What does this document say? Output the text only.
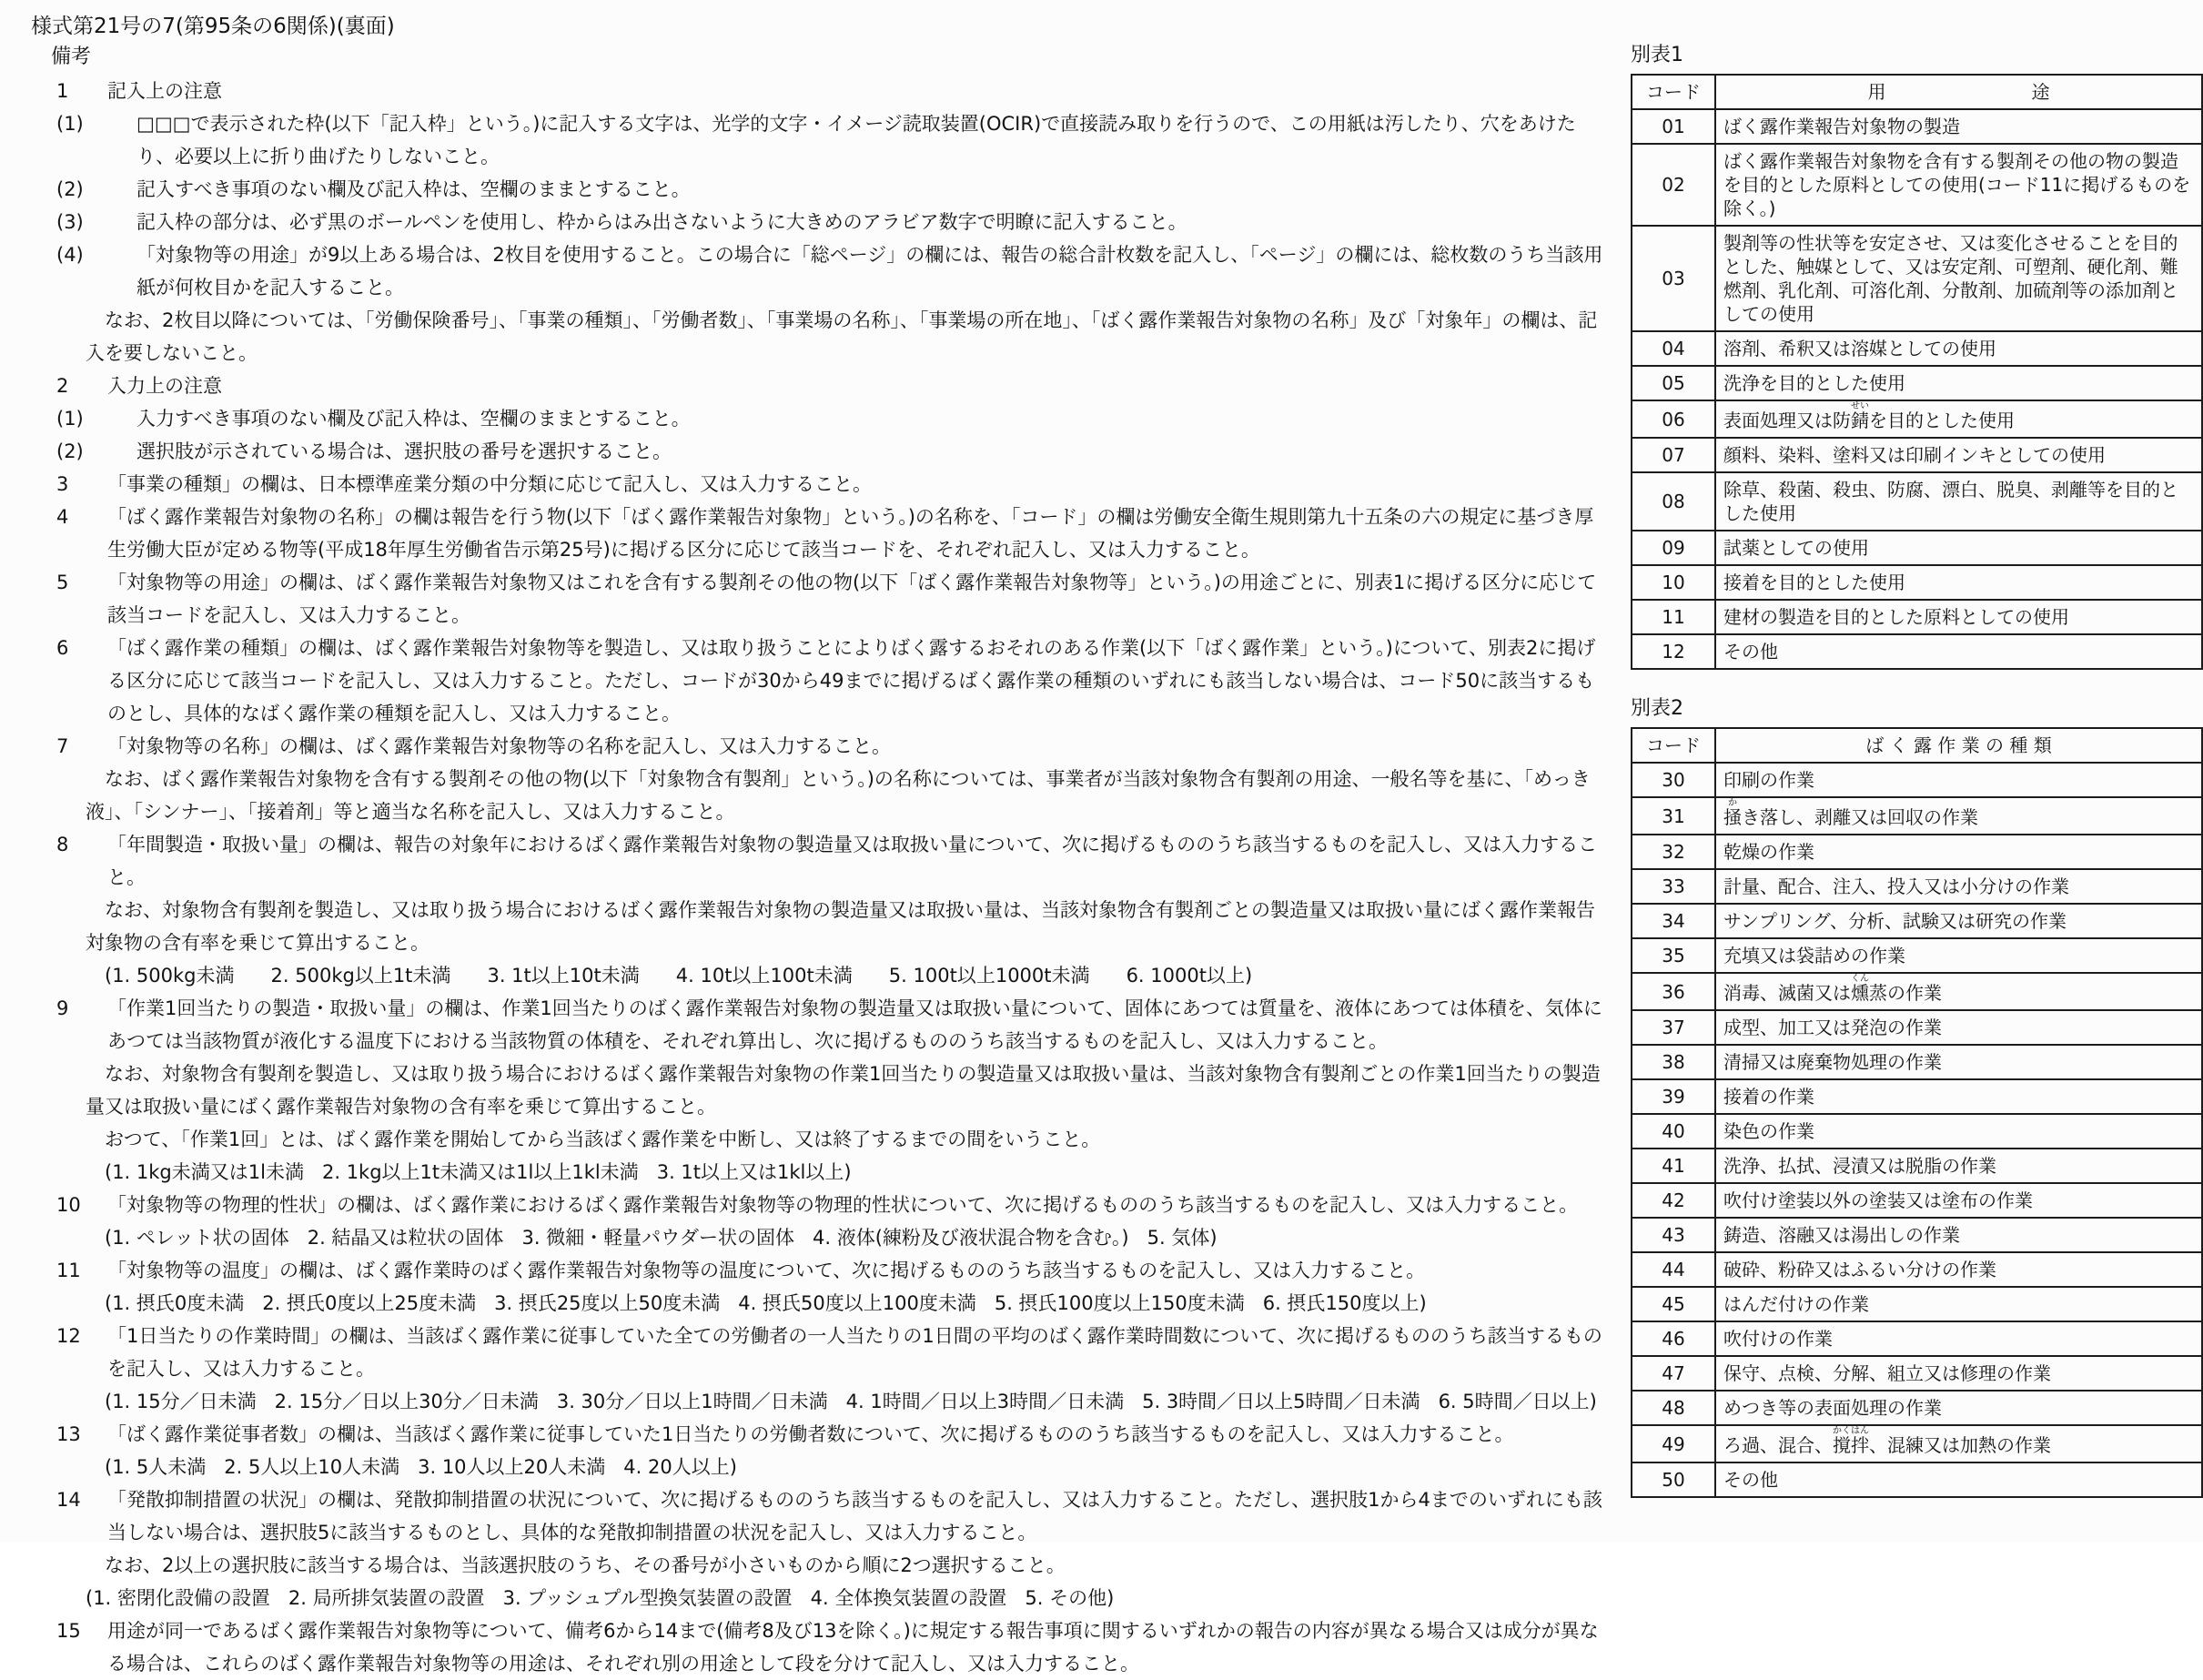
様式第21号の7(第95条の6関係)(裏面)
備考
1	記入上の注意
(1)	□□□で表示された枠(以下「記入枠」という。)に記入する文字は、光学的文字・イメージ読取装置(OCIR)で直接読み取りを行うので、この用紙は汚したり、穴をあけたり、必要以上に折り曲げたりしないこと。
(2)	記入すべき事項のない欄及び記入枠は、空欄のままとすること。
(3)	記入枠の部分は、必ず黒のボールペンを使用し、枠からはみ出さないように大きめのアラビア数字で明瞭に記入すること。
(4)	「対象物等の用途」が9以上ある場合は、2枚目を使用すること。この場合に「総ページ」の欄には、報告の総合計枚数を記入し、「ページ」の欄には、総枚数のうち当該用紙が何枚目かを記入すること。
　なお、2枚目以降については、「労働保険番号」、「事業の種類」、「労働者数」、「事業場の名称」、「事業場の所在地」、「ばく露作業報告対象物の名称」及び「対象年」の欄は、記入を要しないこと。
2	入力上の注意
(1)	入力すべき事項のない欄及び記入枠は、空欄のままとすること。
(2)	選択肢が示されている場合は、選択肢の番号を選択すること。
3	「事業の種類」の欄は、日本標準産業分類の中分類に応じて記入し、又は入力すること。
4	「ばく露作業報告対象物の名称」の欄は報告を行う物(以下「ばく露作業報告対象物」という。)の名称を、「コード」の欄は労働安全衛生規則第九十五条の六の規定に基づき厚生労働大臣が定める物等(平成18年厚生労働省告示第25号)に掲げる区分に応じて該当コードを、それぞれ記入し、又は入力すること。
5	「対象物等の用途」の欄は、ばく露作業報告対象物又はこれを含有する製剤その他の物(以下「ばく露作業報告対象物等」という。)の用途ごとに、別表1に掲げる区分に応じて該当コードを記入し、又は入力すること。
6	「ばく露作業の種類」の欄は、ばく露作業報告対象物等を製造し、又は取り扱うことによりばく露するおそれのある作業(以下「ばく露作業」という。)について、別表2に掲げる区分に応じて該当コードを記入し、又は入力すること。ただし、コードが30から49までに掲げるばく露作業の種類のいずれにも該当しない場合は、コード50に該当するものとし、具体的なばく露作業の種類を記入し、又は入力すること。
7	「対象物等の名称」の欄は、ばく露作業報告対象物等の名称を記入し、又は入力すること。
　なお、ばく露作業報告対象物を含有する製剤その他の物(以下「対象物含有製剤」という。)の名称については、事業者が当該対象物含有製剤の用途、一般名等を基に、「めっき液」、「シンナー」、「接着剤」等と適当な名称を記入し、又は入力すること。
8	「年間製造・取扱い量」の欄は、報告の対象年におけるばく露作業報告対象物の製造量又は取扱い量について、次に掲げるもののうち該当するものを記入し、又は入力すること。
　なお、対象物含有製剤を製造し、又は取り扱う場合におけるばく露作業報告対象物の製造量又は取扱い量は、当該対象物含有製剤ごとの製造量又は取扱い量にばく露作業報告対象物の含有率を乗じて算出すること。
　(1. 500kg未満      2. 500kg以上1t未満      3. 1t以上10t未満      4. 10t以上100t未満      5. 100t以上1000t未満      6. 1000t以上)
9	「作業1回当たりの製造・取扱い量」の欄は、作業1回当たりのばく露作業報告対象物の製造量又は取扱い量について、固体にあつては質量を、液体にあつては体積を、気体にあつては当該物質が液化する温度下における当該物質の体積を、それぞれ算出し、次に掲げるもののうち該当するものを記入し、又は入力すること。
　なお、対象物含有製剤を製造し、又は取り扱う場合におけるばく露作業報告対象物の作業1回当たりの製造量又は取扱い量は、当該対象物含有製剤ごとの作業1回当たりの製造量又は取扱い量にばく露作業報告対象物の含有率を乗じて算出すること。
　おつて、「作業1回」とは、ばく露作業を開始してから当該ばく露作業を中断し、又は終了するまでの間をいうこと。
　(1. 1kg未満又は1l未満   2. 1kg以上1t未満又は1l以上1kl未満   3. 1t以上又は1kl以上)
10	「対象物等の物理的性状」の欄は、ばく露作業におけるばく露作業報告対象物等の物理的性状について、次に掲げるもののうち該当するものを記入し、又は入力すること。
　(1. ペレット状の固体   2. 結晶又は粒状の固体   3. 微細・軽量パウダー状の固体   4. 液体(練粉及び液状混合物を含む。)   5. 気体)
11	「対象物等の温度」の欄は、ばく露作業時のばく露作業報告対象物等の温度について、次に掲げるもののうち該当するものを記入し、又は入力すること。
　(1. 摂氏0度未満   2. 摂氏0度以上25度未満   3. 摂氏25度以上50度未満   4. 摂氏50度以上100度未満   5. 摂氏100度以上150度未満   6. 摂氏150度以上)
12	「1日当たりの作業時間」の欄は、当該ばく露作業に従事していた全ての労働者の一人当たりの1日間の平均のばく露作業時間数について、次に掲げるもののうち該当するものを記入し、又は入力すること。
　(1. 15分／日未満   2. 15分／日以上30分／日未満   3. 30分／日以上1時間／日未満   4. 1時間／日以上3時間／日未満   5. 3時間／日以上5時間／日未満   6. 5時間／日以上)
13	「ばく露作業従事者数」の欄は、当該ばく露作業に従事していた1日当たりの労働者数について、次に掲げるもののうち該当するものを記入し、又は入力すること。
　(1. 5人未満   2. 5人以上10人未満   3. 10人以上20人未満   4. 20人以上)
14	「発散抑制措置の状況」の欄は、発散抑制措置の状況について、次に掲げるもののうち該当するものを記入し、又は入力すること。ただし、選択肢1から4までのいずれにも該当しない場合は、選択肢5に該当するものとし、具体的な発散抑制措置の状況を記入し、又は入力すること。
　なお、2以上の選択肢に該当する場合は、当該選択肢のうち、その番号が小さいものから順に2つ選択すること。
(1. 密閉化設備の設置   2. 局所排気装置の設置   3. プッシュプル型換気装置の設置   4. 全体換気装置の設置   5. その他)
15	用途が同一であるばく露作業報告対象物等について、備考6から14まで(備考8及び13を除く。)に規定する報告事項に関するいずれかの報告の内容が異なる場合又は成分が異なる場合は、これらのばく露作業報告対象物等の用途は、それぞれ別の用途として段を分けて記入し、又は入力すること。
別表1
コード	用　　　　　　　　途
01	ばく露作業報告対象物の製造
02	ばく露作業報告対象物を含有する製剤その他の物の製造を目的とした原料としての使用(コード11に掲げるものを除く。)
03	製剤等の性状等を安定させ、又は変化させることを目的とした、触媒として、又は安定剤、可塑剤、硬化剤、難燃剤、乳化剤、可溶化剤、分散剤、加硫剤等の添加剤としての使用
04	溶剤、希釈又は溶媒としての使用
05	洗浄を目的とした使用
06	表面処理又は防錆せいを目的とした使用
07	顔料、染料、塗料又は印刷インキとしての使用
08	除草、殺菌、殺虫、防腐、漂白、脱臭、剥離等を目的とした使用
09	試薬としての使用
10	接着を目的とした使用
11	建材の製造を目的とした原料としての使用
12	その他
別表2
コード	ば く 露 作 業 の 種 類
30	印刷の作業
31	掻かき落し、剥離又は回収の作業
32	乾燥の作業
33	計量、配合、注入、投入又は小分けの作業
34	サンプリング、分析、試験又は研究の作業
35	充填又は袋詰めの作業
36	消毒、滅菌又は燻くん蒸の作業
37	成型、加工又は発泡の作業
38	清掃又は廃棄物処理の作業
39	接着の作業
40	染色の作業
41	洗浄、払拭、浸漬又は脱脂の作業
42	吹付け塗装以外の塗装又は塗布の作業
43	鋳造、溶融又は湯出しの作業
44	破砕、粉砕又はふるい分けの作業
45	はんだ付けの作業
46	吹付けの作業
47	保守、点検、分解、組立又は修理の作業
48	めつき等の表面処理の作業
49	ろ過、混合、撹拌かくはん、混練又は加熱の作業
50	その他
